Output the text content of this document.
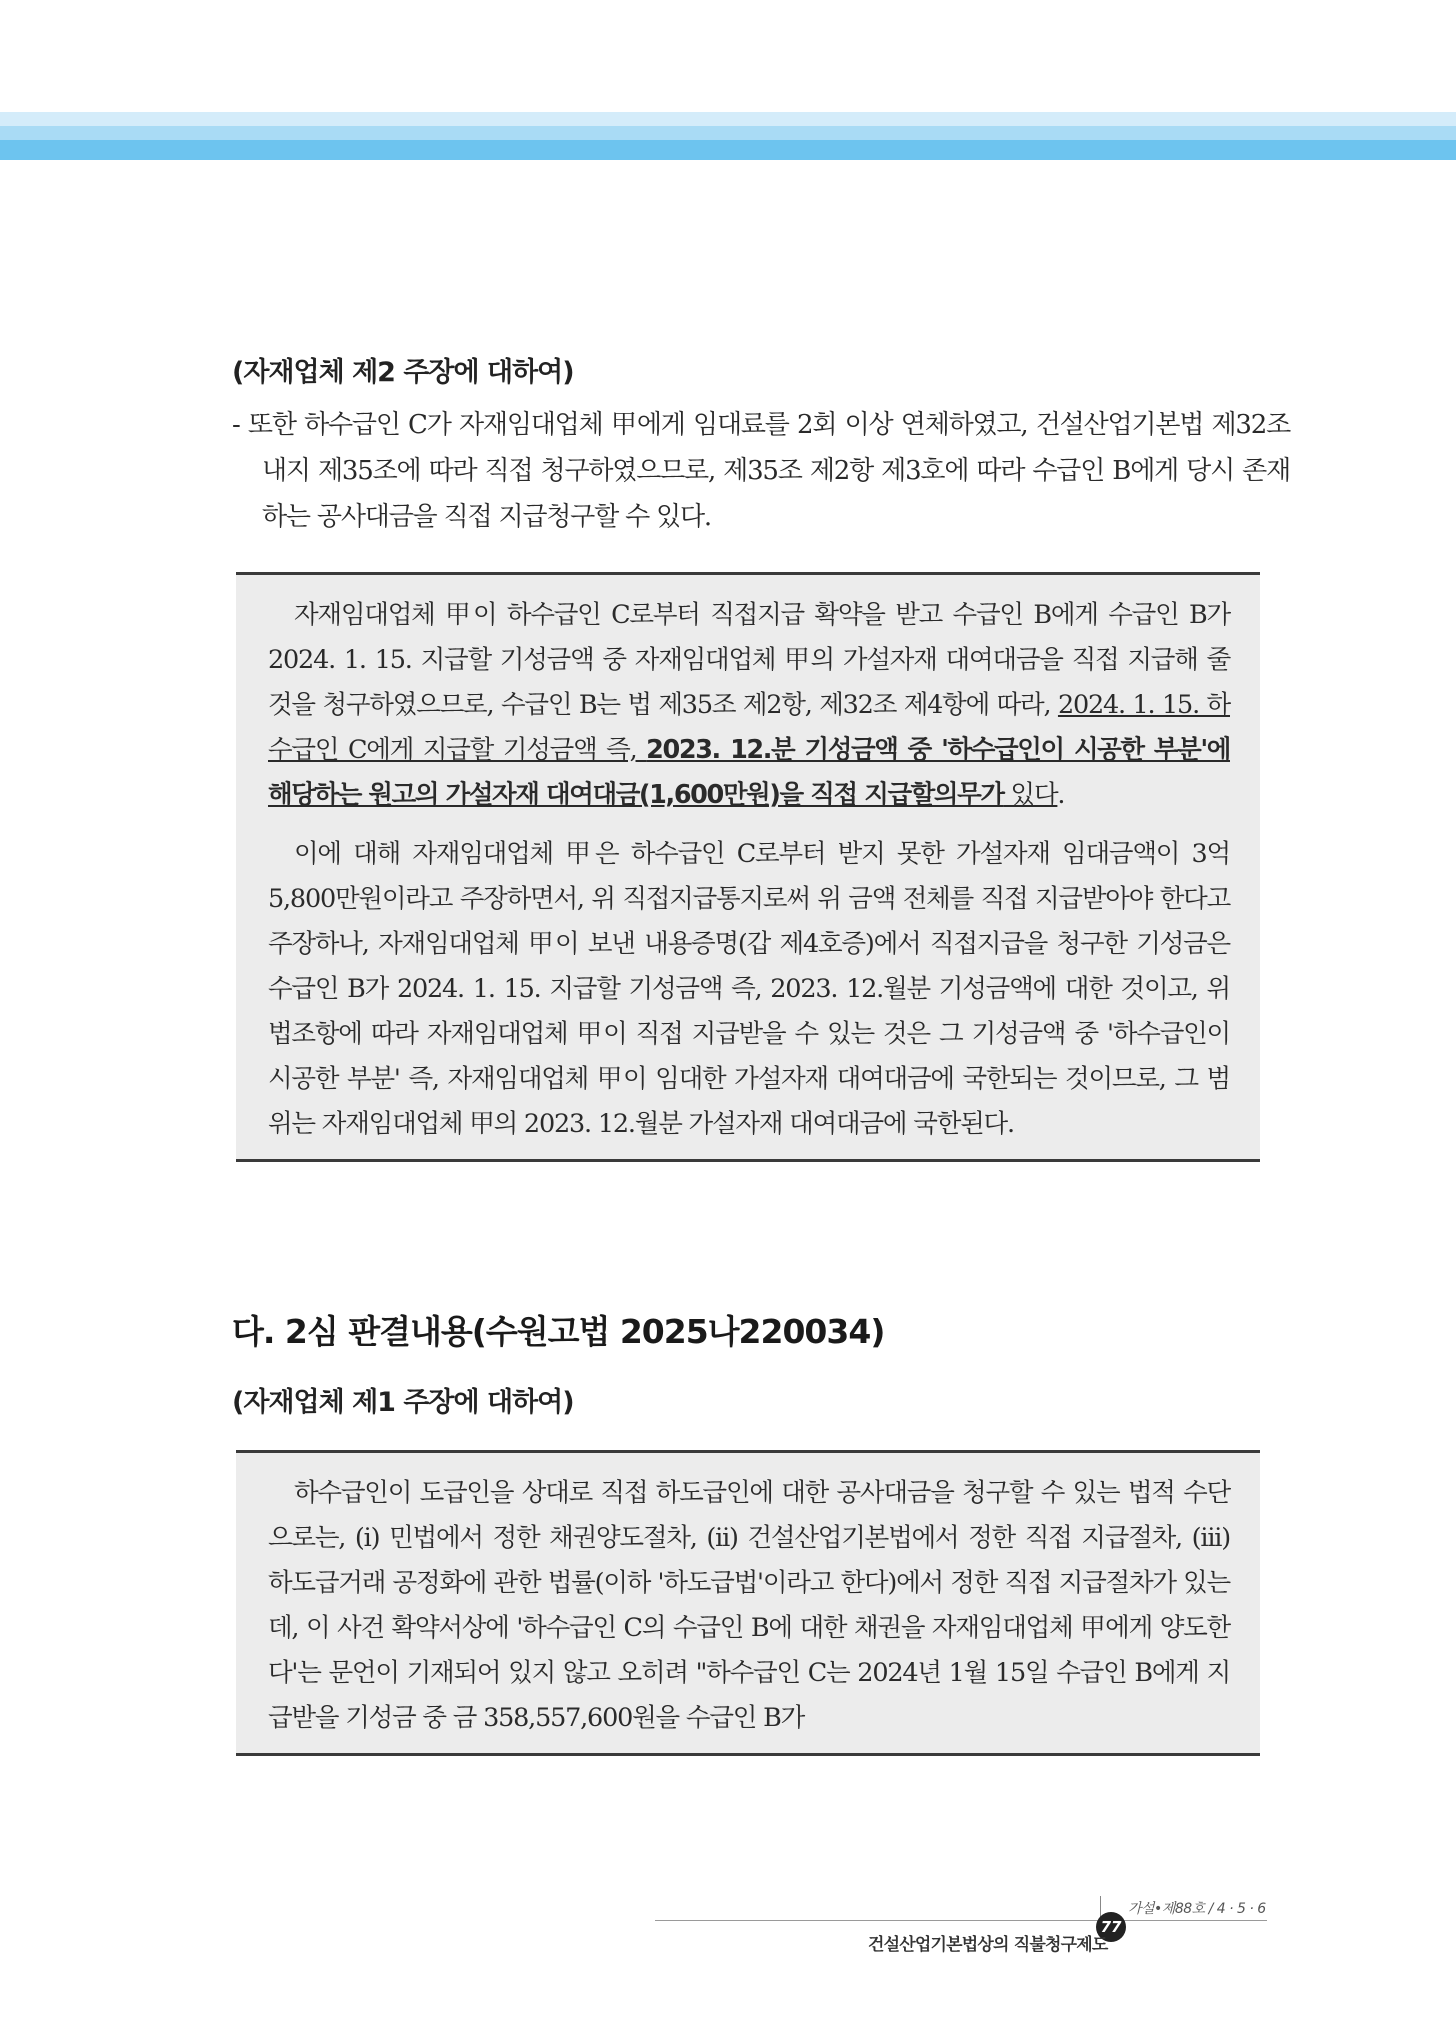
(자재업체 제2 주장에 대하여)

- 또한 하수급인 C가 자재임대업체 甲에게 임대료를 2회 이상 연체하였고, 건설산업기본법 제32조 내지 제35조에 따라 직접 청구하였으므로, 제35조 제2항 제3호에 따라 수급인 B에게 당시 존재하는 공사대금을 직접 지급청구할 수 있다.

자재임대업체 甲이 하수급인 C로부터 직접지급 확약을 받고 수급인 B에게 수급인 B가 2024. 1. 15. 지급할 기성금액 중 자재임대업체 甲의 가설자재 대여대금을 직접 지급해 줄 것을 청구하였으므로, 수급인 B는 법 제35조 제2항, 제32조 제4항에 따라, 2024. 1. 15. 하수급인 C에게 지급할 기성금액 즉, 2023. 12.분 기성금액 중 '하수급인이 시공한 부분'에 해당하는 원고의 가설자재 대여대금(1,600만원)을 직접 지급할의무가 있다.

이에 대해 자재임대업체 甲은 하수급인 C로부터 받지 못한 가설자재 임대금액이 3억 5,800만원이라고 주장하면서, 위 직접지급통지로써 위 금액 전체를 직접 지급받아야 한다고 주장하나, 자재임대업체 甲이 보낸 내용증명(갑 제4호증)에서 직접지급을 청구한 기성금은 수급인 B가 2024. 1. 15. 지급할 기성금액 즉, 2023. 12.월분 기성금액에 대한 것이고, 위 법조항에 따라 자재임대업체 甲이 직접 지급받을 수 있는 것은 그 기성금액 중 '하수급인이 시공한 부분' 즉, 자재임대업체 甲이 임대한 가설자재 대여대금에 국한되는 것이므로, 그 범위는 자재임대업체 甲의 2023. 12.월분 가설자재 대여대금에 국한된다.

다. 2심 판결내용(수원고법 2025나220034)
(자재업체 제1 주장에 대하여)

하수급인이 도급인을 상대로 직접 하도급인에 대한 공사대금을 청구할 수 있는 법적 수단으로는, (i) 민법에서 정한 채권양도절차, (ii) 건설산업기본법에서 정한 직접 지급절차, (iii) 하도급거래 공정화에 관한 법률(이하 '하도급법'이라고 한다)에서 정한 직접 지급절차가 있는데, 이 사건 확약서상에 '하수급인 C의 수급인 B에 대한 채권을 자재임대업체 甲에게 양도한다'는 문언이 기재되어 있지 않고 오히려 "하수급인 C는 2024년 1월 15일 수급인 B에게 지급받을 기성금 중 금 358,557,600원을 수급인 B가

77
가설•제88호 / 4 · 5 · 6
건설산업기본법상의 직불청구제도
